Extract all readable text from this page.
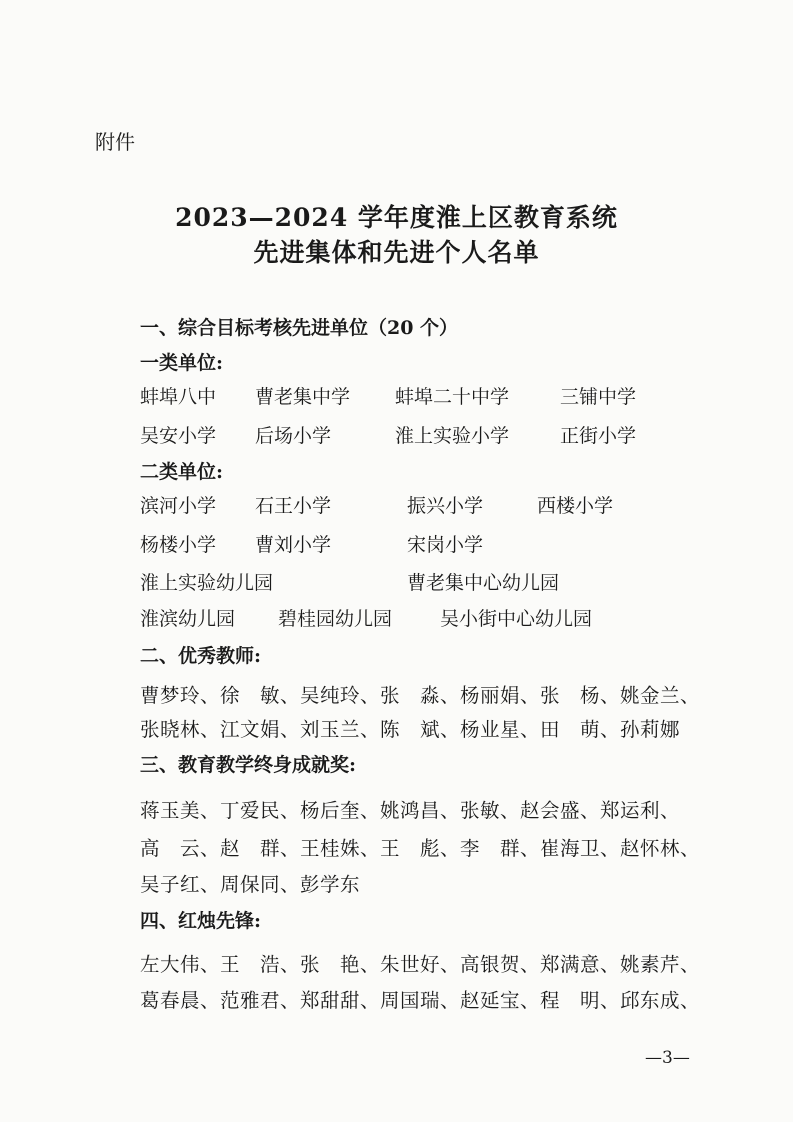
附件
2023—2024 学年度淮上区教育系统
先进集体和先进个人名单
一、综合目标考核先进单位（20 个）
一类单位:
蚌埠八中 曹老集中学 蚌埠二十中学	三铺中学
吴安小学 后场小学	淮上实验小学	正街小学
二类单位:
滨河小学 石王小学	振兴小学	西楼小学
杨楼小学 曹刘小学	宋岗小学
淮上实验幼儿园	曹老集中心幼儿园
淮滨幼儿园 碧桂园幼儿园	吴小街中心幼儿园
二、优秀教师:
曹梦玲、徐　敏、吴纯玲、张　淼、杨丽娟、张　杨、姚金兰、
张晓林、江文娟、刘玉兰、陈　斌、杨业星、田　萌、孙莉娜
三、教育教学终身成就奖:
蒋玉美、丁爱民、杨后奎、姚鸿昌、张敏、赵会盛、郑运利、
高　云、赵　群、王桂姝、王　彪、李　群、崔海卫、赵怀林、
吴子红、周保同、彭学东
四、红烛先锋:
左大伟、王　浩、张　艳、朱世好、高银贺、郑满意、姚素芹、
葛春晨、范雅君、郑甜甜、周国瑞、赵延宝、程　明、邱东成、
—3—
